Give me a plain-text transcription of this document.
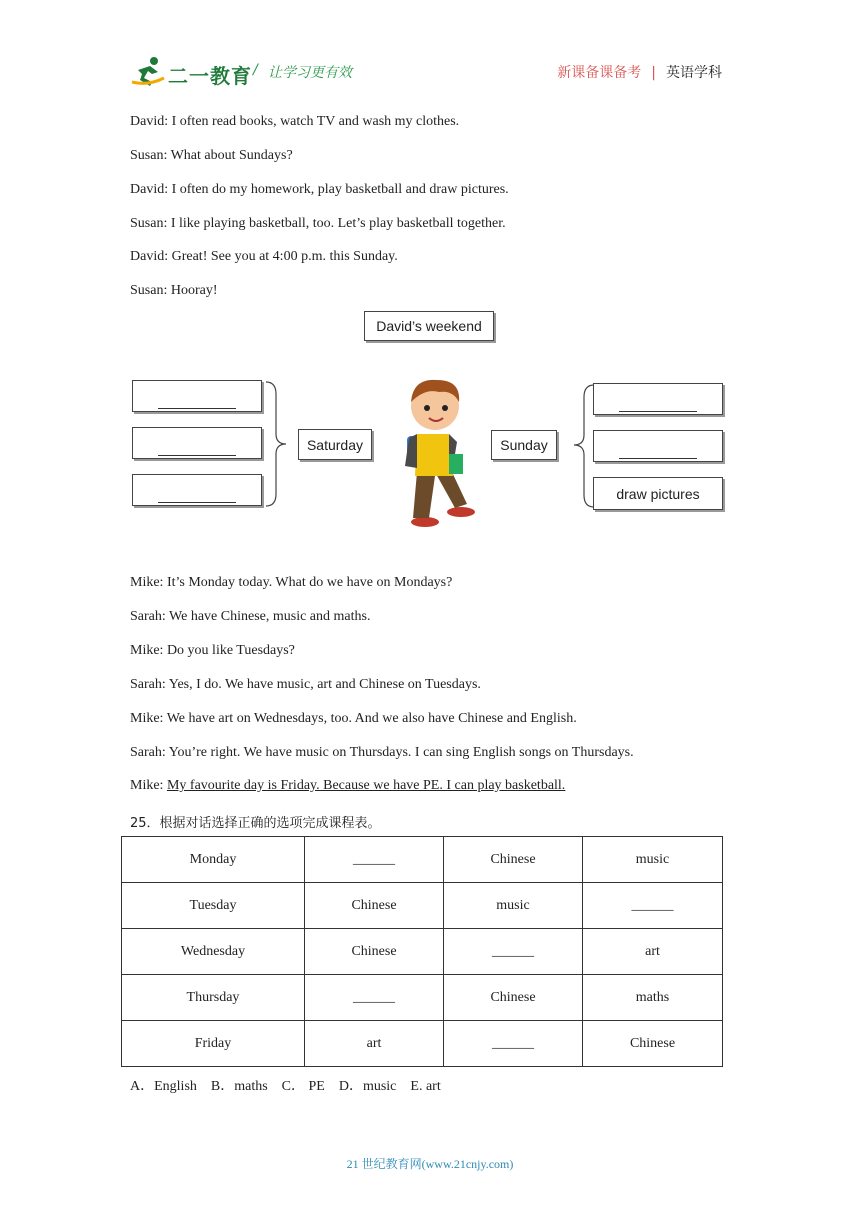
二一教育 / 让学习更有效	新课备课备考 | 英语学科
David: I often read books, watch TV and wash my clothes.
Susan: What about Sundays?
David: I often do my homework, play basketball and draw pictures.
Susan: I like playing basketball, too. Let’s play basketball together.
David: Great! See you at 4:00 p.m. this Sunday.
Susan: Hooray!
David’s weekend
Saturday	Sunday
draw pictures
Mike: It’s Monday today. What do we have on Mondays?
Sarah: We have Chinese, music and maths.
Mike: Do you like Tuesdays?
Sarah: Yes, I do. We have music, art and Chinese on Tuesdays.
Mike: We have art on Wednesdays, too. And we also have Chinese and English.
Sarah: You’re right. We have music on Thursdays. I can sing English songs on Thursdays.
Mike: My favourite day is Friday. Because we have PE. I can play basketball.
25．根据对话选择正确的选项完成课程表。
Monday	______	Chinese	music
Tuesday	Chinese	music	______
Wednesday	Chinese	______	art
Thursday	______	Chinese	maths
Friday	art	______	Chinese
A．English　B．maths　C． PE　D．music　E. art
21 世纪教育网(www.21cnjy.com)
